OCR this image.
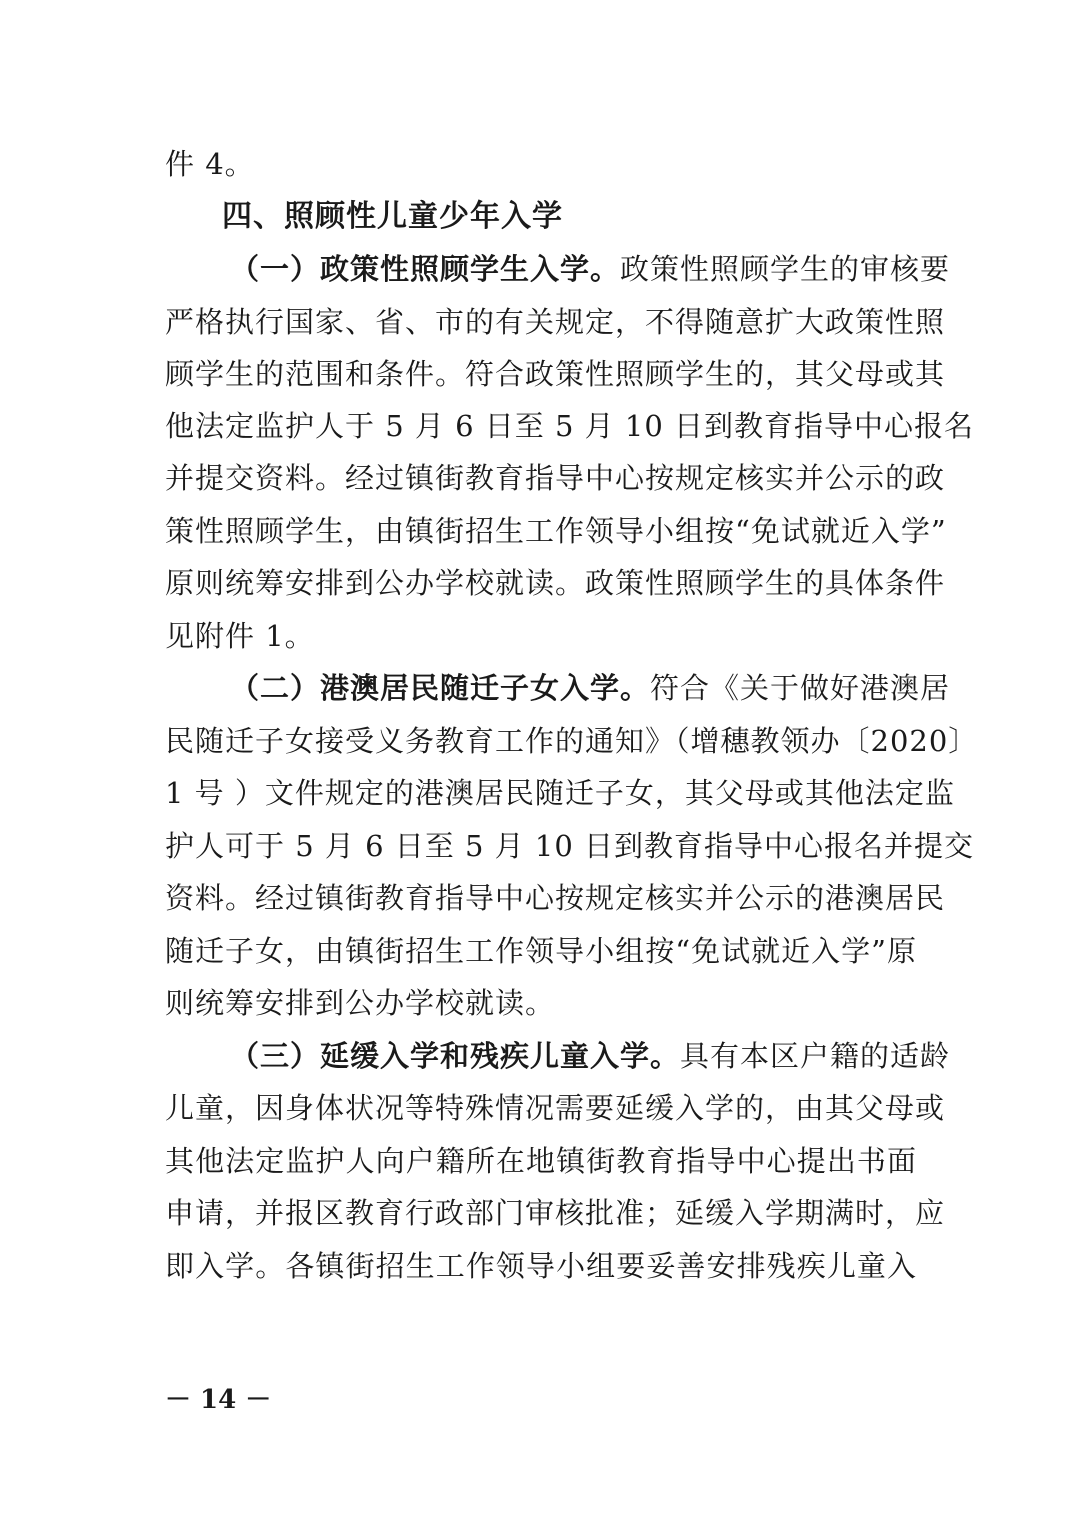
件 4。
四、照顾性儿童少年入学
（一）政策性照顾学生入学。政策性照顾学生的审核要
严格执行国家、省、市的有关规定，不得随意扩大政策性照
顾学生的范围和条件。符合政策性照顾学生的，其父母或其
他法定监护人于 5 月 6 日至 5 月 10 日到教育指导中心报名
并提交资料。经过镇街教育指导中心按规定核实并公示的政
策性照顾学生，由镇街招生工作领导小组按“免试就近入学”
原则统筹安排到公办学校就读。政策性照顾学生的具体条件
见附件 1。
（二）港澳居民随迁子女入学。符合《关于做好港澳居
民随迁子女接受义务教育工作的通知》（增穗教领办〔2020〕
1 号 ）文件规定的港澳居民随迁子女，其父母或其他法定监
护人可于 5 月 6 日至 5 月 10 日到教育指导中心报名并提交
资料。经过镇街教育指导中心按规定核实并公示的港澳居民
随迁子女，由镇街招生工作领导小组按“免试就近入学”原
则统筹安排到公办学校就读。
（三）延缓入学和残疾儿童入学。具有本区户籍的适龄
儿童，因身体状况等特殊情况需要延缓入学的，由其父母或
其他法定监护人向户籍所在地镇街教育指导中心提出书面
申请，并报区教育行政部门审核批准；延缓入学期满时，应
即入学。各镇街招生工作领导小组要妥善安排残疾儿童入
－ 14 －
